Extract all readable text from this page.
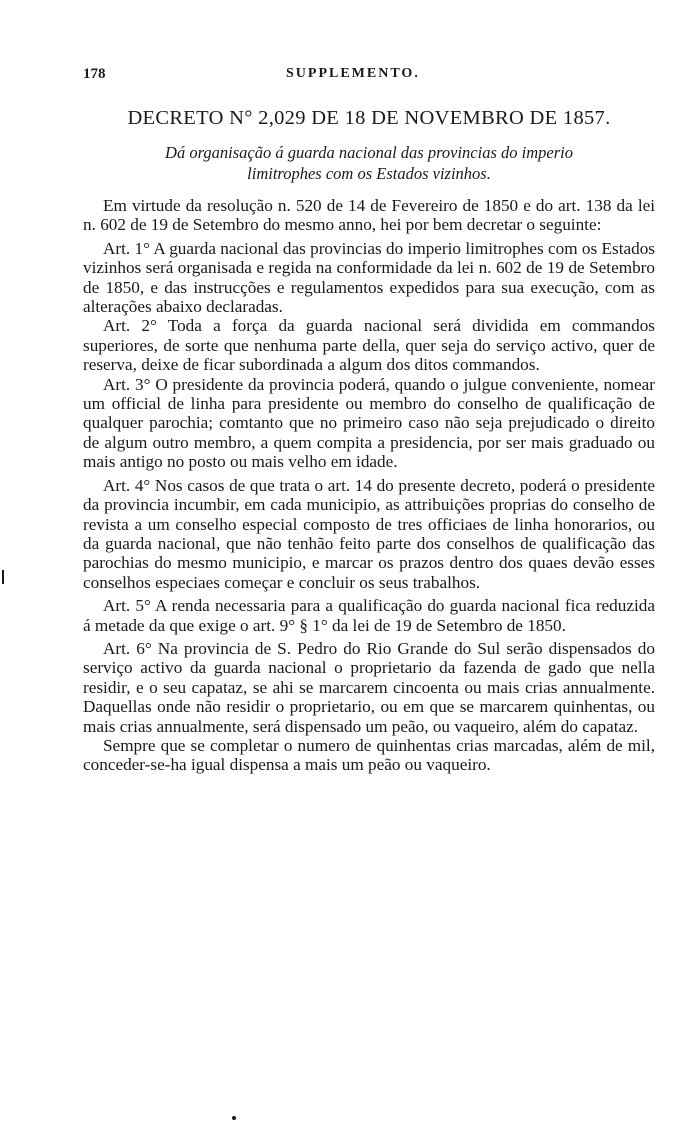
178	SUPPLEMENTO.
DECRETO N° 2,029 DE 18 DE NOVEMBRO DE 1857.
Dá organisação á guarda nacional das provincias do imperio
limitrophes com os Estados vizinhos.

Em virtude da resolução n. 520 de 14 de Fevereiro de 1850 e do art. 138 da lei n. 602 de 19 de Setembro do mesmo anno, hei por bem decretar o seguinte:

Art. 1° A guarda nacional das provincias do imperio limitrophes com os Estados vizinhos será organisada e regida na conformidade da lei n. 602 de 19 de Setembro de 1850, e das instrucções e regulamentos expedidos para sua execução, com as alterações abaixo declaradas.

Art. 2° Toda a força da guarda nacional será dividida em commandos superiores, de sorte que nenhuma parte della, quer seja do serviço activo, quer de reserva, deixe de ficar subordinada a algum dos ditos commandos.

Art. 3° O presidente da provincia poderá, quando o julgue conveniente, nomear um official de linha para presidente ou membro do conselho de qualificação de qualquer parochia; comtanto que no primeiro caso não seja prejudicado o direito de algum outro membro, a quem compita a presidencia, por ser mais graduado ou mais antigo no posto ou mais velho em idade.

Art. 4° Nos casos de que trata o art. 14 do presente decreto, poderá o presidente da provincia incumbir, em cada municipio, as attribuições proprias do conselho de revista a um conselho especial composto de tres officiaes de linha honorarios, ou da guarda nacional, que não tenhão feito parte dos conselhos de qualificação das parochias do mesmo municipio, e marcar os prazos dentro dos quaes devão esses conselhos especiaes começar e concluir os seus trabalhos.

Art. 5° A renda necessaria para a qualificação do guarda nacional fica reduzida á metade da que exige o art. 9° § 1° da lei de 19 de Setembro de 1850.

Art. 6° Na provincia de S. Pedro do Rio Grande do Sul serão dispensados do serviço activo da guarda nacional o proprietario da fazenda de gado que nella residir, e o seu capataz, se ahi se marcarem cincoenta ou mais crias annualmente. Daquellas onde não residir o proprietario, ou em que se marcarem quinhentas, ou mais crias annualmente, será dispensado um peão, ou vaqueiro, além do capataz.

Sempre que se completar o numero de quinhentas crias marcadas, além de mil, conceder-se-ha igual dispensa a mais um peão ou vaqueiro.
